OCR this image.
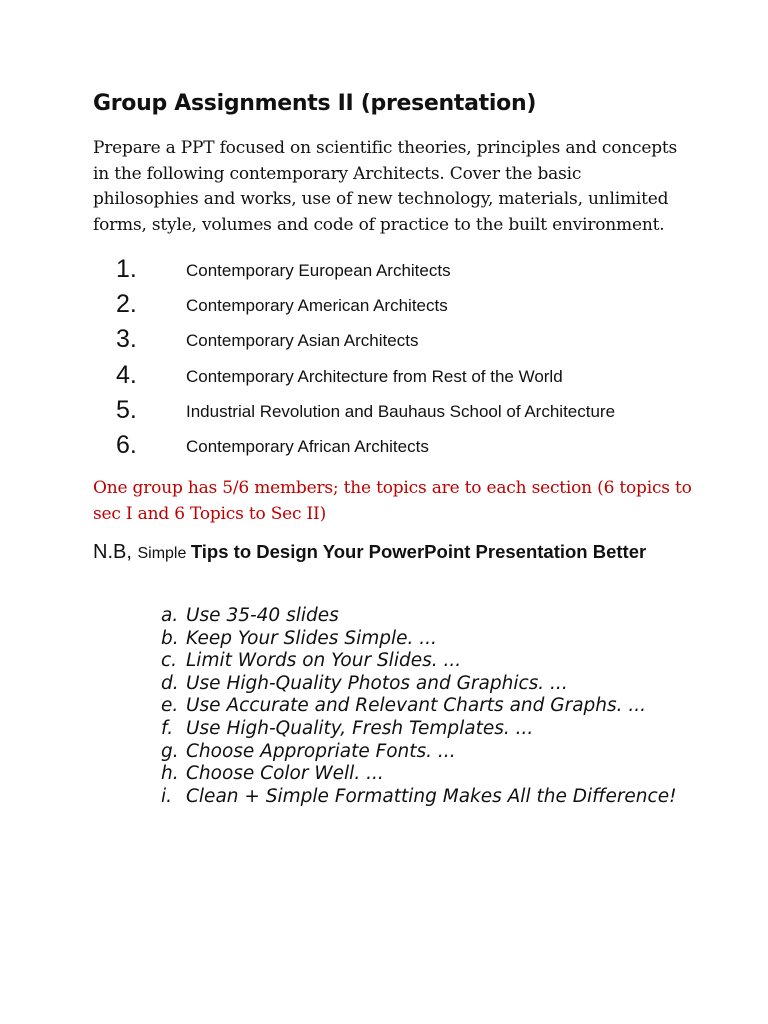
Group Assignments II (presentation)

Prepare a PPT focused on scientific theories, principles and concepts in the following contemporary Architects. Cover the basic philosophies and works, use of new technology, materials, unlimited forms, style, volumes and code of practice to the built environment.

1.	Contemporary European Architects
2.	Contemporary American Architects
3.	Contemporary Asian Architects
4.	Contemporary Architecture from Rest of the World
5.	Industrial Revolution and Bauhaus School of Architecture
6.	Contemporary African Architects

One group has 5/6 members; the topics are to each section (6 topics to sec I and 6 Topics to Sec II)

N.B, Simple Tips to Design Your PowerPoint Presentation Better

a. Use 35-40 slides
b. Keep Your Slides Simple. ...
c. Limit Words on Your Slides. ...
d. Use High-Quality Photos and Graphics. ...
e. Use Accurate and Relevant Charts and Graphs. ...
f. Use High-Quality, Fresh Templates. ...
g. Choose Appropriate Fonts. ...
h. Choose Color Well. ...
i. Clean + Simple Formatting Makes All the Difference!
